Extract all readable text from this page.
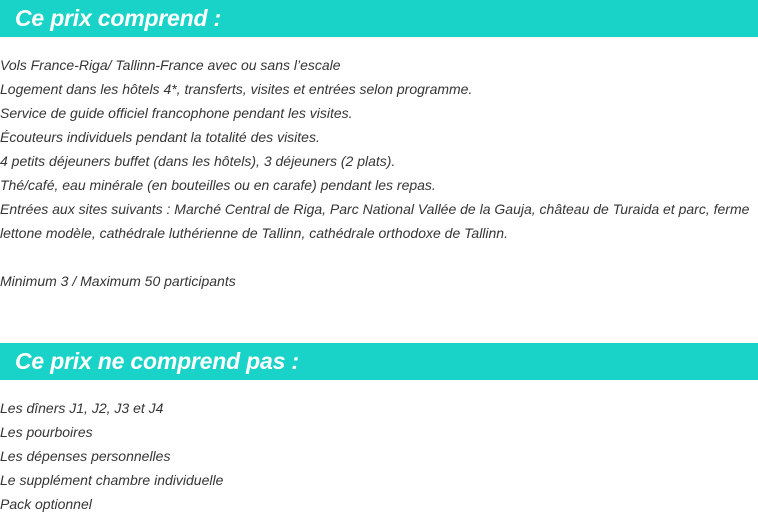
Ce prix comprend :
Vols France-Riga/ Tallinn-France avec ou sans l’escale
Logement dans les hôtels 4*, transferts, visites et entrées selon programme.
Service de guide officiel francophone pendant les visites.
Écouteurs individuels pendant la totalité des visites.
4 petits déjeuners buffet (dans les hôtels), 3 déjeuners (2 plats).
Thé/café, eau minérale (en bouteilles ou en carafe) pendant les repas.
Entrées aux sites suivants : Marché Central de Riga, Parc National Vallée de la Gauja, château de Turaida et parc, ferme lettone modèle, cathédrale luthérienne de Tallinn, cathédrale orthodoxe de Tallinn.

Minimum 3 / Maximum 50 participants

Ce prix ne comprend pas :
Les dîners J1, J2, J3 et J4
Les pourboires
Les dépenses personnelles
Le supplément chambre individuelle
Pack optionnel
